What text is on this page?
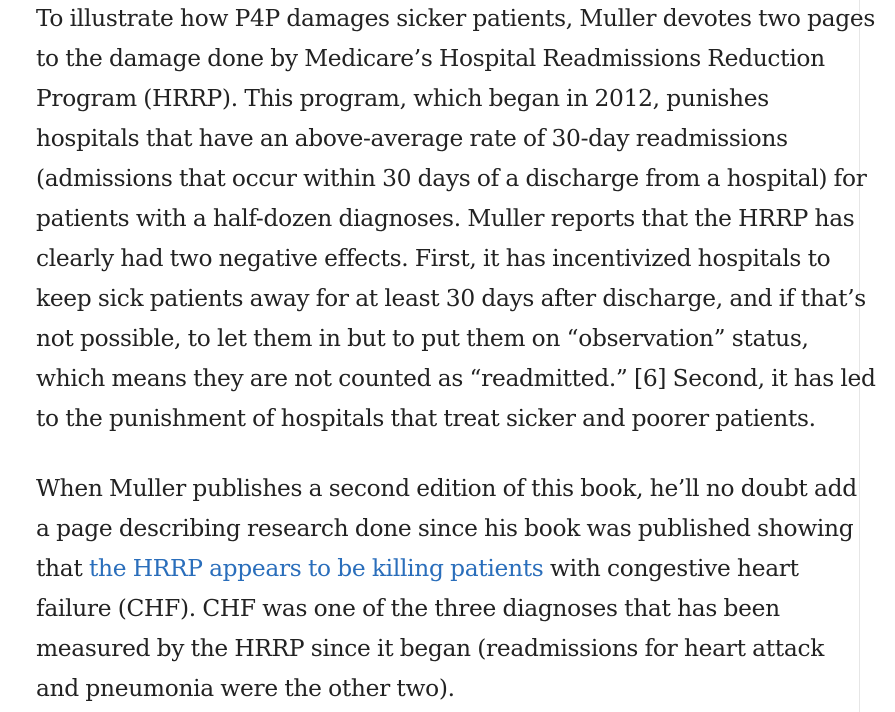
To illustrate how P4P damages sicker patients, Muller devotes two pages
to the damage done by Medicare’s Hospital Readmissions Reduction
Program (HRRP). This program, which began in 2012, punishes
hospitals that have an above-average rate of 30-day readmissions
(admissions that occur within 30 days of a discharge from a hospital) for
patients with a half-dozen diagnoses. Muller reports that the HRRP has
clearly had two negative effects. First, it has incentivized hospitals to
keep sick patients away for at least 30 days after discharge, and if that’s
not possible, to let them in but to put them on “observation” status,
which means they are not counted as “readmitted.” [6] Second, it has led
to the punishment of hospitals that treat sicker and poorer patients.

When Muller publishes a second edition of this book, he’ll no doubt add
a page describing research done since his book was published showing
that the HRRP appears to be killing patients with congestive heart
failure (CHF). CHF was one of the three diagnoses that has been
measured by the HRRP since it began (readmissions for heart attack
and pneumonia were the other two).
